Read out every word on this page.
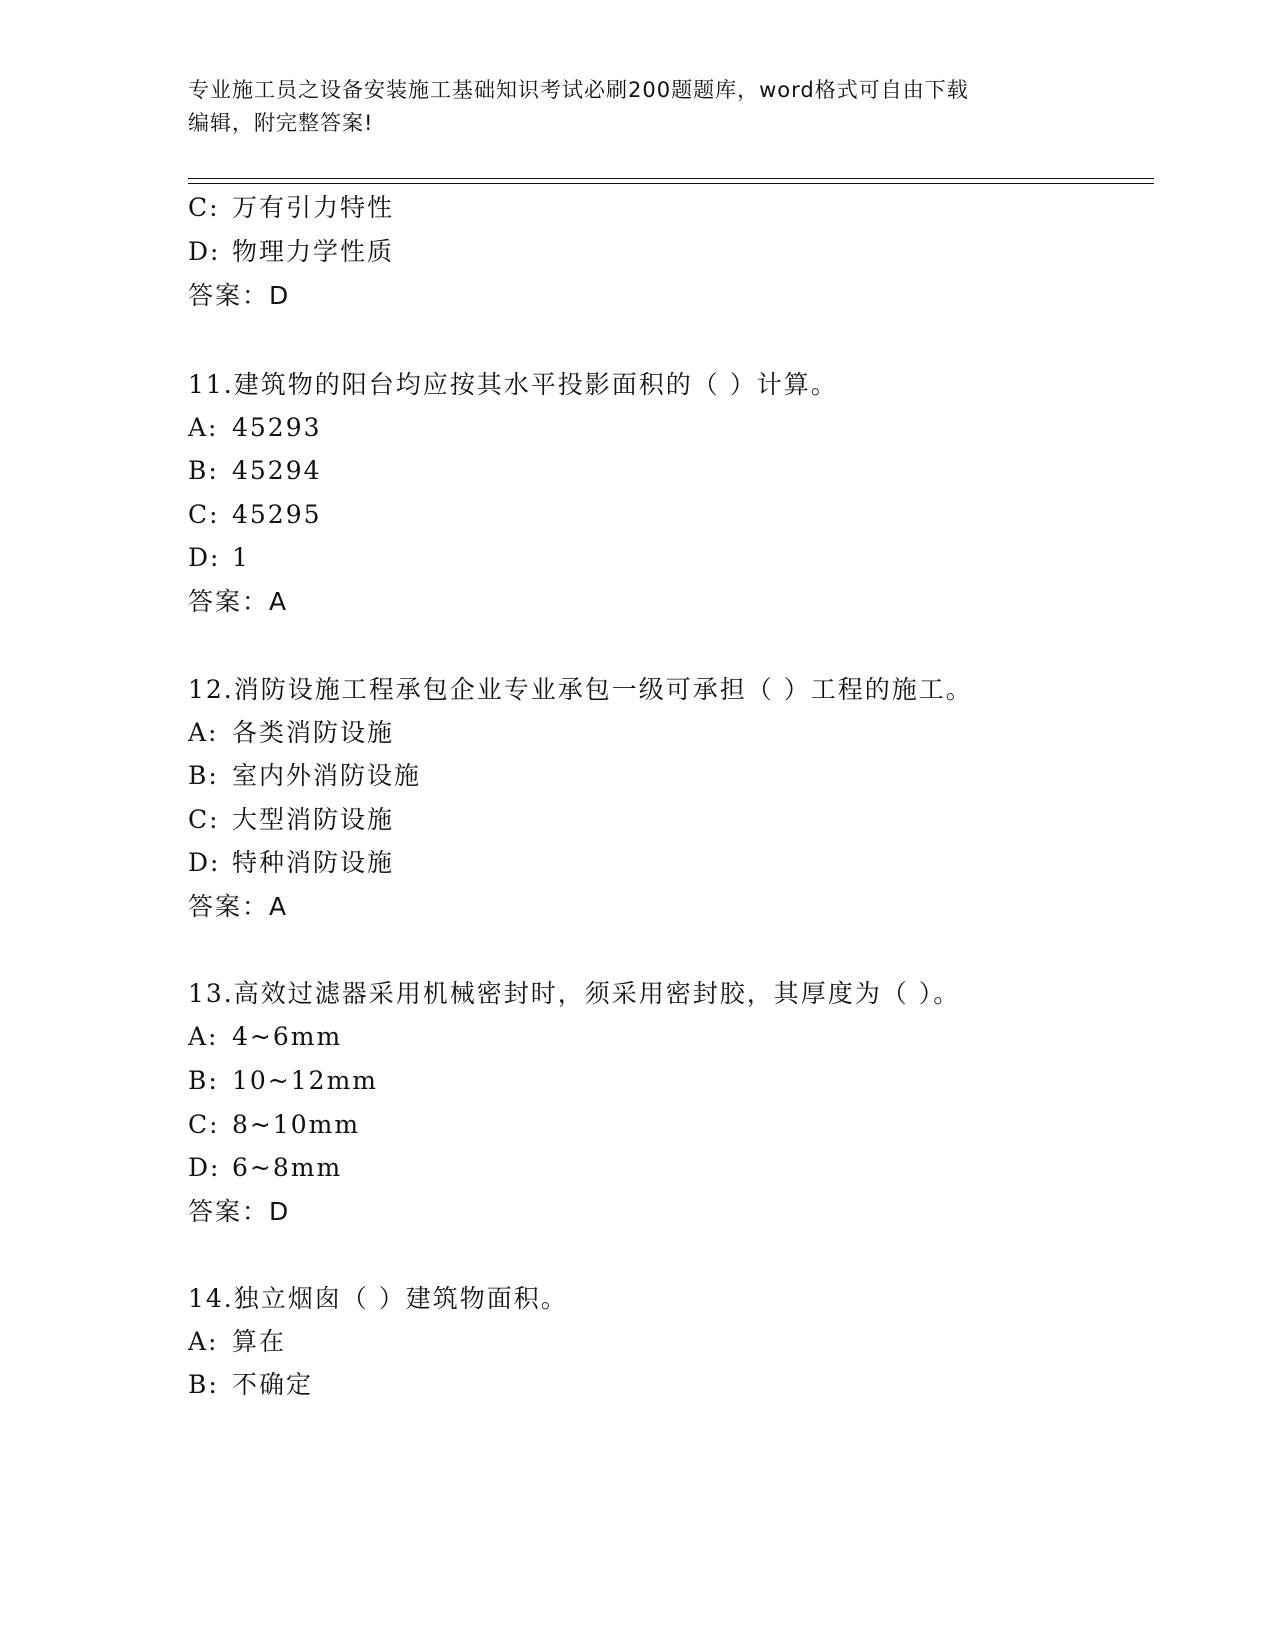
专业施工员之设备安装施工基础知识考试必刷200题题库，word格式可自由下载
编辑，附完整答案!
C: 万有引力特性
D: 物理力学性质
答案：D
11.建筑物的阳台均应按其水平投影面积的（ ）计算。
A: 45293
B: 45294
C: 45295
D: 1
答案：A
12.消防设施工程承包企业专业承包一级可承担（ ）工程的施工。
A: 各类消防设施
B: 室内外消防设施
C: 大型消防设施
D: 特种消防设施
答案：A
13.高效过滤器采用机械密封时，须采用密封胶，其厚度为（ ）。
A: 4~6mm
B: 10~12mm
C: 8~10mm
D: 6~8mm
答案：D
14.独立烟囱（ ）建筑物面积。
A: 算在
B: 不确定
